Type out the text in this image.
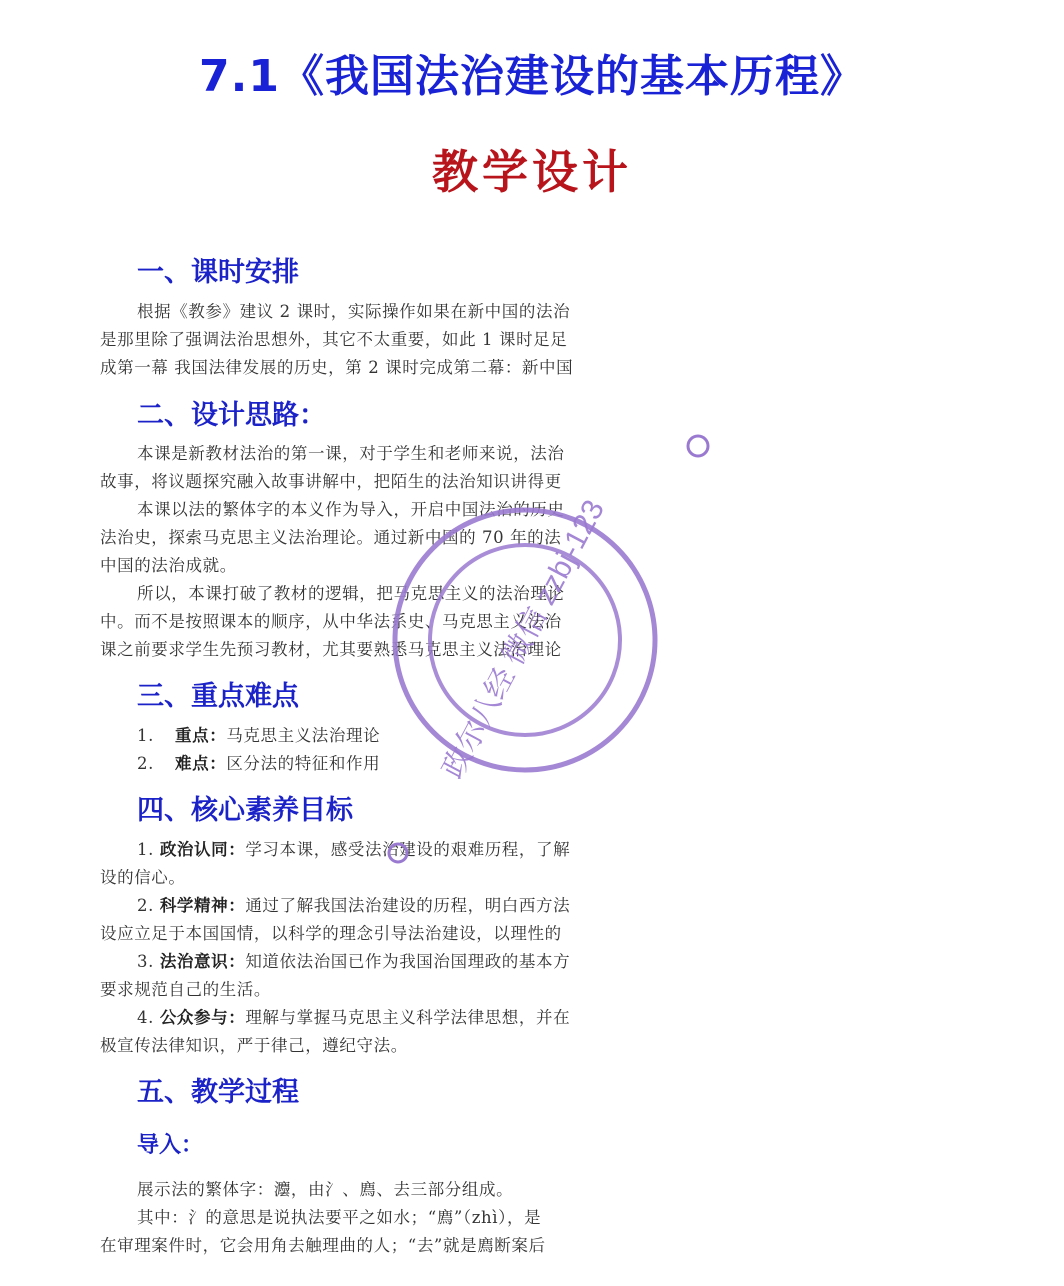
7.1《我国法治建设的基本历程》
教学设计
一、课时安排
根据《教参》建议 2 课时，实际操作如果在新中国的法治
是那里除了强调法治思想外，其它不太重要，如此 1 课时足足
成第一幕 我国法律发展的历史，第 2 课时完成第二幕：新中国
二、设计思路：
本课是新教材法治的第一课，对于学生和老师来说，法治
故事，将议题探究融入故事讲解中，把陌生的法治知识讲得更
本课以法的繁体字的本义作为导入，开启中国法治的历史
法治史，探索马克思主义法治理论。通过新中国的 70 年的法
中国的法治成就。
所以，本课打破了教材的逻辑，把马克思主义的法治理论
中。而不是按照课本的顺序，从中华法系史、马克思主义法治
课之前要求学生先预习教材，尤其要熟悉马克思主义法治理论
三、重点难点
1. 重点：马克思主义法治理论
2. 难点：区分法的特征和作用
四、核心素养目标
1. 政治认同：学习本课，感受法治建设的艰难历程，了解
设的信心。
2. 科学精神：通过了解我国法治建设的历程，明白西方法
设应立足于本国国情，以科学的理念引导法治建设，以理性的
3. 法治意识：知道依法治国已作为我国治国理政的基本方
要求规范自己的生活。
4. 公众参与：理解与掌握马克思主义科学法律思想，并在
极宣传法律知识，严于律己，遵纪守法。
五、教学过程
导入：
展示法的繁体字：灋，由氵、廌、去三部分组成。
其中：氵的意思是说执法要平之如水；“廌”（zhì），是
在审理案件时，它会用角去触理曲的人；“去”就是廌断案后
政尔八经 微信 zzbj-123
